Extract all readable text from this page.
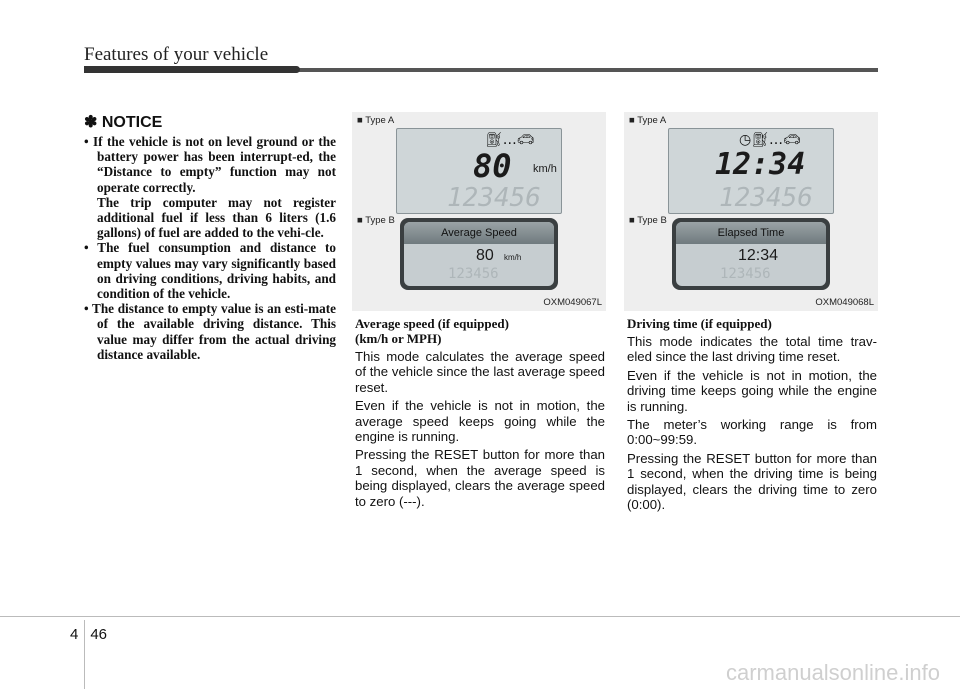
Features of your vehicle
✽ NOTICE
• If the vehicle is not on level ground or the battery power has been interrupt-ed, the “Distance to empty” function may not operate correctly.
The trip computer may not register additional fuel if less than 6 liters (1.6 gallons) of fuel are added to the vehi-cle.
• The fuel consumption and distance to empty values may vary significantly based on driving conditions, driving habits, and condition of the vehicle.
• The distance to empty value is an esti-mate of the available driving distance. This value may differ from the actual driving distance available.
■ Type A
⛽︎…🚗︎
80 km/h
123456
■ Type B
Average Speed
80 km/h
123456
OXM049067L
■ Type A
◷⛽︎…🚗︎
12:34
123456
■ Type B
Elapsed Time
12:34
123456
OXM049068L
Average speed (if equipped)
(km/h or MPH)

This mode calculates the average speed of the vehicle since the last average speed reset.

Even if the vehicle is not in motion, the average speed keeps going while the engine is running.

Pressing the RESET button for more than 1 second, when the average speed is being displayed, clears the average speed to zero (---).

Driving time (if equipped)

This mode indicates the total time trav-eled since the last driving time reset.

Even if the vehicle is not in motion, the driving time keeps going while the engine is running.

The meter’s working range is from 0:00~99:59.

Pressing the RESET button for more than 1 second, when the driving time is being displayed, clears the driving time to zero (0:00).

4 46
carmanualsonline.info
